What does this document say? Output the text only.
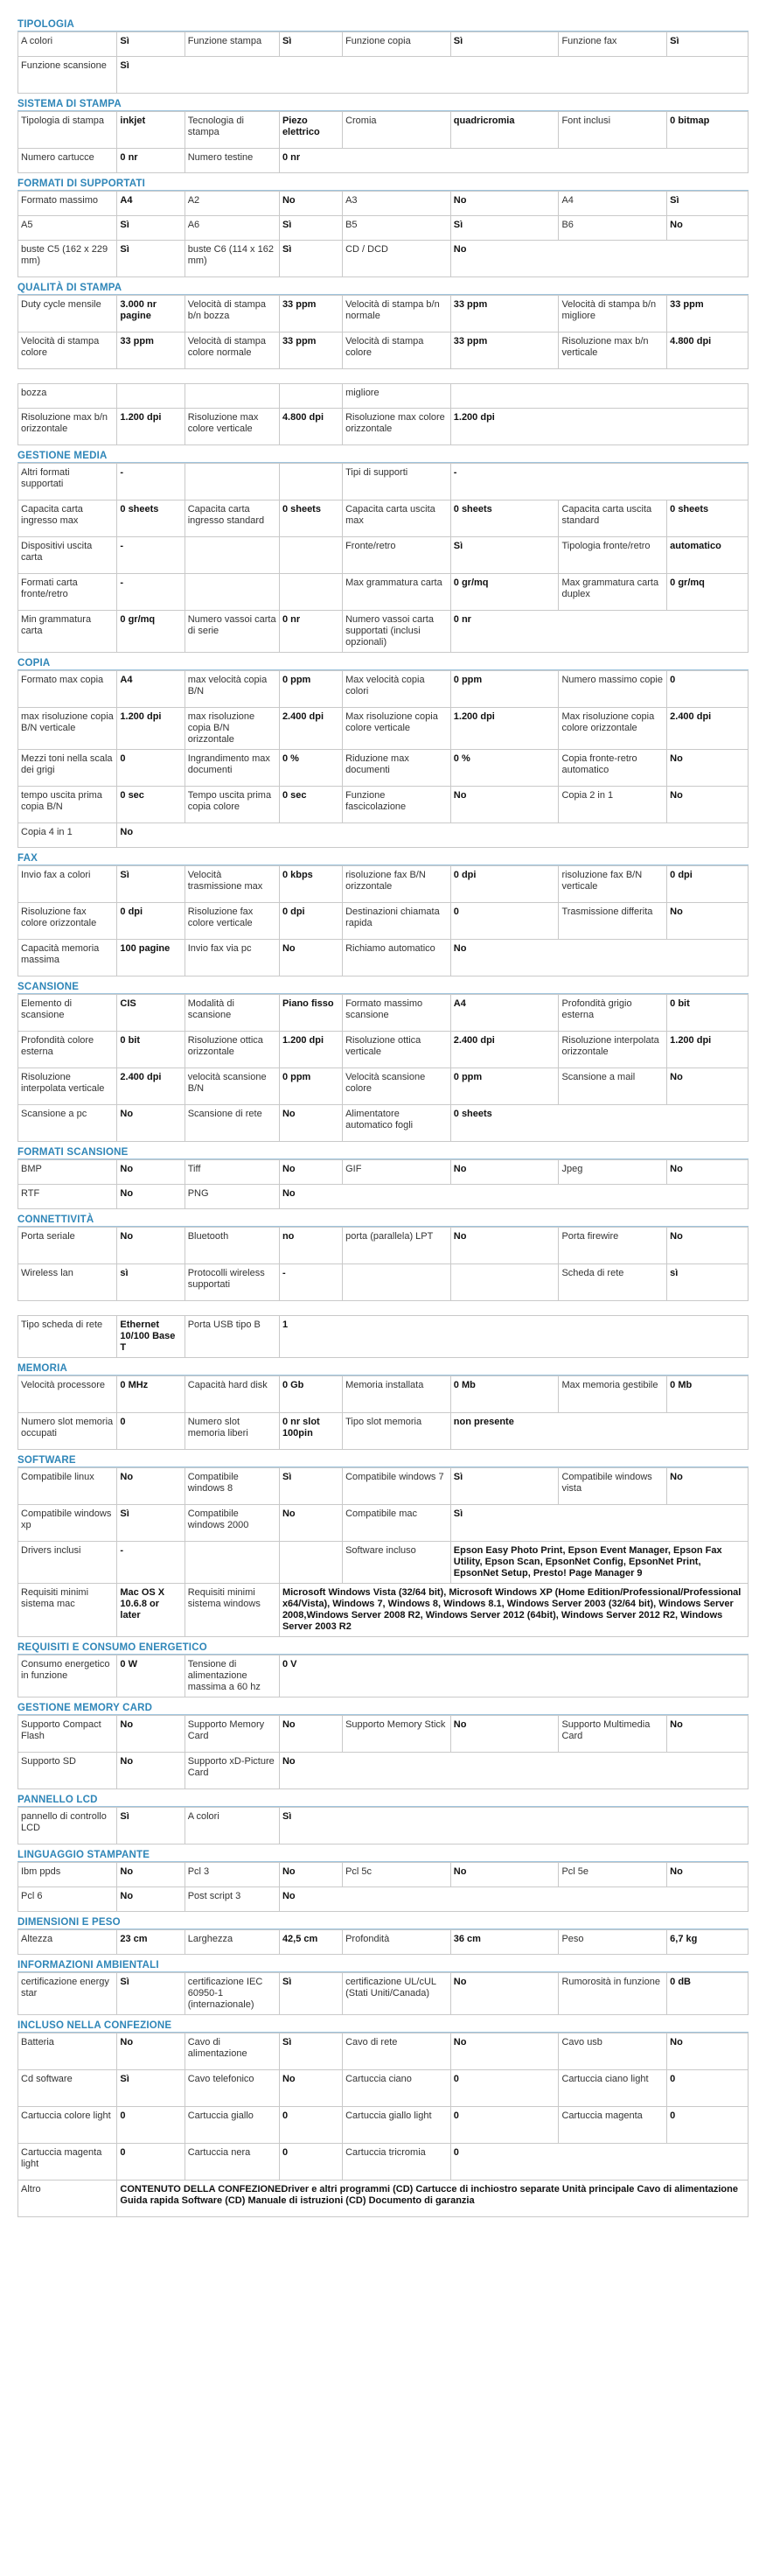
TIPOLOGIA
A colori	Sì	Funzione stampa	Sì	Funzione copia	Sì	Funzione fax	Sì
Funzione scansione	Sì						
SISTEMA DI STAMPA
Tipologia di stampa	inkjet	Tecnologia di stampa	Piezo elettrico	Cromia	quadricromia	Font inclusi	0 bitmap
Numero cartucce	0 nr	Numero testine	0 nr				
FORMATI DI SUPPORTATI
Formato massimo	A4	A2	No	A3	No	A4	Sì
A5	Sì	A6	Sì	B5	Sì	B6	No
buste C5 (162 x 229 mm)	Sì	buste C6 (114 x 162 mm)	Sì	CD / DCD	No		
QUALITÀ DI STAMPA
Duty cycle mensile	3.000 nr pagine	Velocità di stampa b/n bozza	33 ppm	Velocità di stampa b/n normale	33 ppm	Velocità di stampa b/n migliore	33 ppm
Velocità di stampa colore	33 ppm	Velocità di stampa colore normale	33 ppm	Velocità di stampa colore	33 ppm	Risoluzione max b/n verticale	4.800 dpi
bozza				migliore	
Risoluzione max b/n orizzontale	1.200 dpi	Risoluzione max colore verticale	4.800 dpi	Risoluzione max colore orizzontale	1.200 dpi
GESTIONE MEDIA
Altri formati supportati	-			Tipi di supporti	-		
Capacita carta ingresso max	0 sheets	Capacita carta ingresso standard	0 sheets	Capacita carta uscita max	0 sheets	Capacita carta uscita standard	0 sheets
Dispositivi uscita carta	-			Fronte/retro	Sì	Tipologia fronte/retro	automatico
Formati carta fronte/retro	-			Max grammatura carta	0 gr/mq	Max grammatura carta duplex	0 gr/mq
Min grammatura carta	0 gr/mq	Numero vassoi carta di serie	0 nr	Numero vassoi carta supportati (inclusi opzionali)	0 nr		
COPIA
Formato max copia	A4	max velocità copia B/N	0 ppm	Max velocità copia colori	0 ppm	Numero massimo copie	0
max risoluzione copia B/N verticale	1.200 dpi	max risoluzione copia B/N orizzontale	2.400 dpi	Max risoluzione copia colore verticale	1.200 dpi	Max risoluzione copia colore orizzontale	2.400 dpi
Mezzi toni nella scala dei grigi	0	Ingrandimento max documenti	0 %	Riduzione max documenti	0 %	Copia fronte-retro automatico	No
tempo uscita prima copia B/N	0 sec	Tempo uscita prima copia colore	0 sec	Funzione fascicolazione	No	Copia 2 in 1	No
Copia 4 in 1	No						
FAX
Invio fax a colori	Sì	Velocità trasmissione max	0 kbps	risoluzione fax B/N orizzontale	0 dpi	risoluzione fax B/N verticale	0 dpi
Risoluzione fax colore orizzontale	0 dpi	Risoluzione fax colore verticale	0 dpi	Destinazioni chiamata rapida	0	Trasmissione differita	No
Capacità memoria massima	100 pagine	Invio fax via pc	No	Richiamo automatico	No		
SCANSIONE
Elemento di scansione	CIS	Modalità di scansione	Piano fisso	Formato massimo scansione	A4	Profondità grigio esterna	0 bit
Profondità colore esterna	0 bit	Risoluzione ottica orizzontale	1.200 dpi	Risoluzione ottica verticale	2.400 dpi	Risoluzione interpolata orizzontale	1.200 dpi
Risoluzione interpolata verticale	2.400 dpi	velocità scansione B/N	0 ppm	Velocità scansione colore	0 ppm	Scansione a mail	No
Scansione a pc	No	Scansione di rete	No	Alimentatore automatico fogli	0 sheets		
FORMATI SCANSIONE
BMP	No	Tiff	No	GIF	No	Jpeg	No
RTF	No	PNG	No				
CONNETTIVITÀ
Porta seriale	No	Bluetooth	no	porta (parallela) LPT	No	Porta firewire	No
Wireless lan	sì	Protocolli wireless supportati	-			Scheda di rete	sì
Tipo scheda di rete	Ethernet 10/100 Base T	Porta USB tipo B	1
MEMORIA
Velocità processore	0 MHz	Capacità hard disk	0 Gb	Memoria installata	0 Mb	Max memoria gestibile	0 Mb
Numero slot memoria occupati	0	Numero slot memoria liberi	0 nr slot 100pin	Tipo slot memoria	non presente		
SOFTWARE
Compatibile linux	No	Compatibile windows 8	Sì	Compatibile windows 7	Sì	Compatibile windows vista	No
Compatibile windows xp	Sì	Compatibile windows 2000	No	Compatibile mac	Sì		
Drivers inclusi	-			Software incluso	Epson Easy Photo Print, Epson Event Manager, Epson Fax Utility, Epson Scan, EpsonNet Config, EpsonNet Print, EpsonNet Setup, Presto! Page Manager 9		
Requisiti minimi sistema mac	Mac OS X 10.6.8 or later	Requisiti minimi sistema windows	Microsoft Windows Vista (32/64 bit), Microsoft Windows XP (Home Edition/Professional/Professional x64/Vista), Windows 7, Windows 8, Windows 8.1, Windows Server 2003 (32/64 bit), Windows Server 2008,Windows Server 2008 R2, Windows Server 2012 (64bit), Windows Server 2012 R2, Windows Server 2003 R2				
REQUISITI E CONSUMO ENERGETICO
Consumo energetico in funzione	0 W	Tensione di alimentazione massima a 60 hz	0 V
GESTIONE MEMORY CARD
Supporto Compact Flash	No	Supporto Memory Card	No	Supporto Memory Stick	No	Supporto Multimedia Card	No
Supporto SD	No	Supporto xD-Picture Card	No				
PANNELLO LCD
pannello di controllo LCD	Sì	A colori	Sì
LINGUAGGIO STAMPANTE
Ibm ppds	No	Pcl 3	No	Pcl 5c	No	Pcl 5e	No
Pcl 6	No	Post script 3	No				
DIMENSIONI E PESO
Altezza	23 cm	Larghezza	42,5 cm	Profondità	36 cm	Peso	6,7 kg
INFORMAZIONI AMBIENTALI
certificazione energy star	Sì	certificazione IEC 60950-1 (internazionale)	Sì	certificazione UL/cUL (Stati Uniti/Canada)	No	Rumorosità in funzione	0 dB
INCLUSO NELLA CONFEZIONE
Batteria	No	Cavo di alimentazione	Sì	Cavo di rete	No	Cavo usb	No
Cd software	Sì	Cavo telefonico	No	Cartuccia ciano	0	Cartuccia ciano light	0
Cartuccia colore light	0	Cartuccia giallo	0	Cartuccia giallo light	0	Cartuccia magenta	0
Cartuccia magenta light	0	Cartuccia nera	0	Cartuccia tricromia	0		
Altro	CONTENUTO DELLA CONFEZIONEDriver e altri programmi (CD) Cartucce di inchiostro separate Unità principale Cavo di alimentazione Guida rapida Software (CD) Manuale di istruzioni (CD) Documento di garanzia						
